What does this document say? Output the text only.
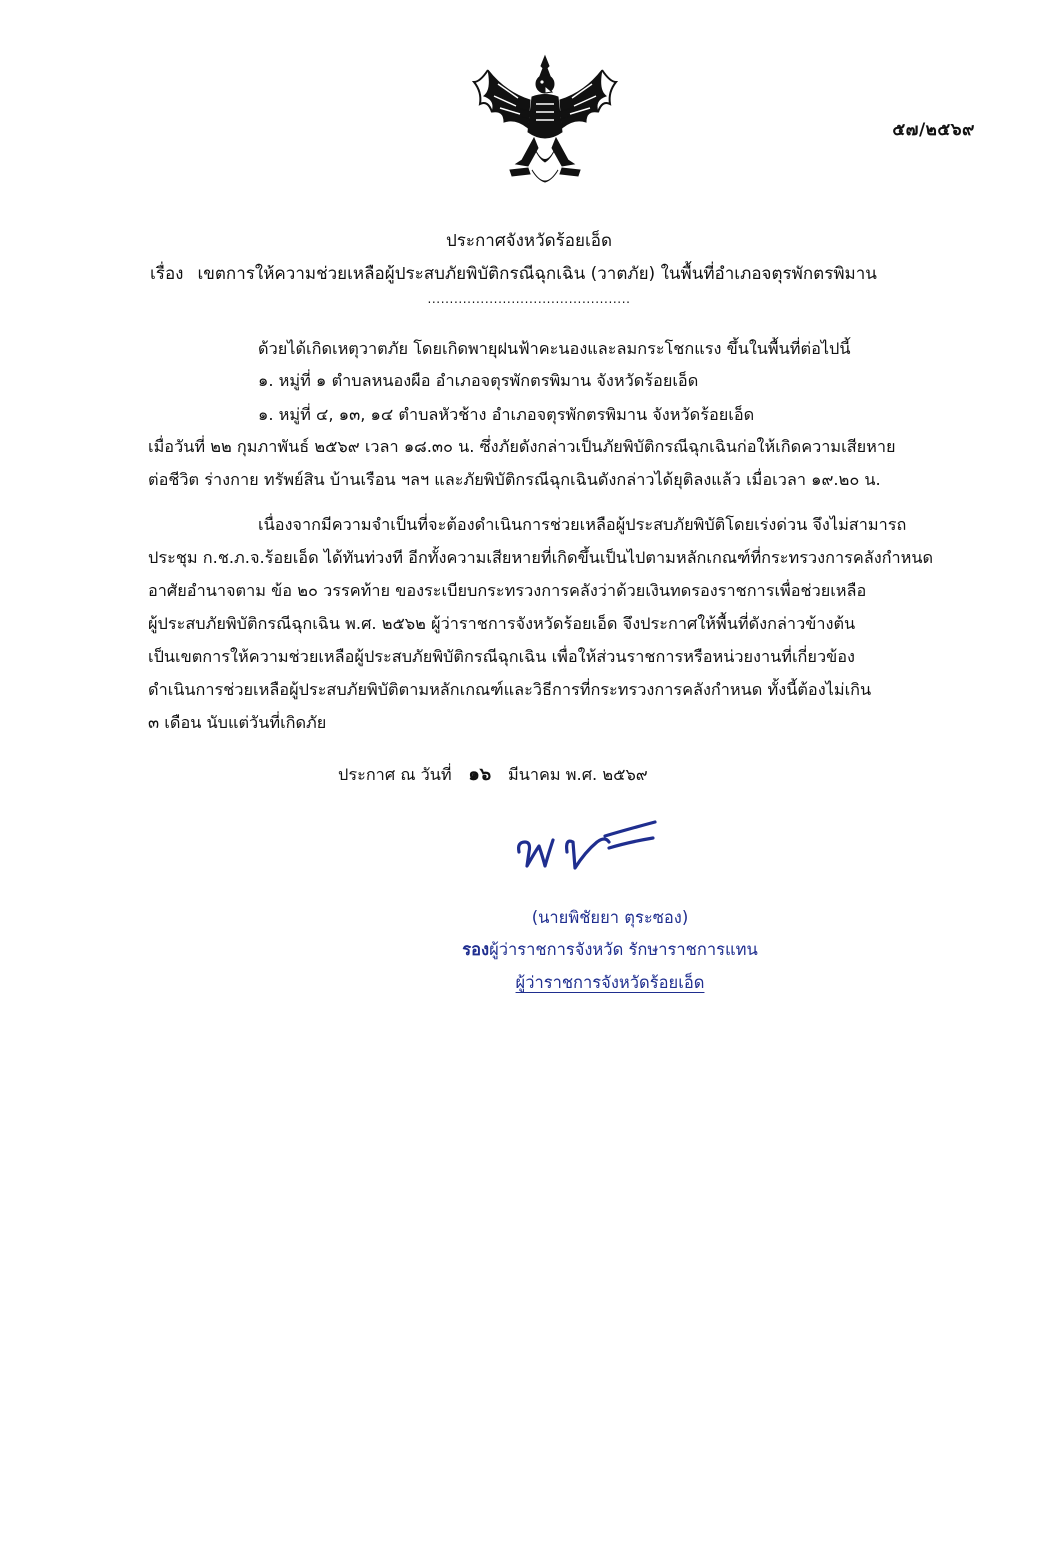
๕๗/๒๕๖๙
ประกาศจังหวัดร้อยเอ็ด
เรื่อง เขตการให้ความช่วยเหลือผู้ประสบภัยพิบัติกรณีฉุกเฉิน (วาตภัย) ในพื้นที่อำเภอจตุรพักตรพิมาน
..............................................
ด้วยได้เกิดเหตุวาตภัย โดยเกิดพายุฝนฟ้าคะนองและลมกระโชกแรง ขึ้นในพื้นที่ต่อไปนี้
๑. หมู่ที่ ๑ ตำบลหนองผือ อำเภอจตุรพักตรพิมาน จังหวัดร้อยเอ็ด
๑. หมู่ที่ ๔, ๑๓, ๑๔ ตำบลหัวช้าง อำเภอจตุรพักตรพิมาน จังหวัดร้อยเอ็ด
เมื่อวันที่ ๒๒ กุมภาพันธ์ ๒๕๖๙ เวลา ๑๘.๓๐ น. ซึ่งภัยดังกล่าวเป็นภัยพิบัติกรณีฉุกเฉินก่อให้เกิดความเสียหาย
ต่อชีวิต ร่างกาย ทรัพย์สิน บ้านเรือน ฯลฯ และภัยพิบัติกรณีฉุกเฉินดังกล่าวได้ยุติลงแล้ว เมื่อเวลา ๑๙.๒๐ น.
เนื่องจากมีความจำเป็นที่จะต้องดำเนินการช่วยเหลือผู้ประสบภัยพิบัติโดยเร่งด่วน จึงไม่สามารถ
ประชุม ก.ช.ภ.จ.ร้อยเอ็ด ได้ทันท่วงที อีกทั้งความเสียหายที่เกิดขึ้นเป็นไปตามหลักเกณฑ์ที่กระทรวงการคลังกำหนด
อาศัยอำนาจตาม ข้อ ๒๐ วรรคท้าย ของระเบียบกระทรวงการคลังว่าด้วยเงินทดรองราชการเพื่อช่วยเหลือ
ผู้ประสบภัยพิบัติกรณีฉุกเฉิน พ.ศ. ๒๕๖๒ ผู้ว่าราชการจังหวัดร้อยเอ็ด จึงประกาศให้พื้นที่ดังกล่าวข้างต้น
เป็นเขตการให้ความช่วยเหลือผู้ประสบภัยพิบัติกรณีฉุกเฉิน เพื่อให้ส่วนราชการหรือหน่วยงานที่เกี่ยวข้อง
ดำเนินการช่วยเหลือผู้ประสบภัยพิบัติตามหลักเกณฑ์และวิธีการที่กระทรวงการคลังกำหนด ทั้งนี้ต้องไม่เกิน
๓ เดือน นับแต่วันที่เกิดภัย
ประกาศ ณ วันที่ ๑๖ มีนาคม พ.ศ. ๒๕๖๙
(นายพิชัยยา ตุระซอง)
รองผู้ว่าราชการจังหวัด รักษาราชการแทน
ผู้ว่าราชการจังหวัดร้อยเอ็ด
